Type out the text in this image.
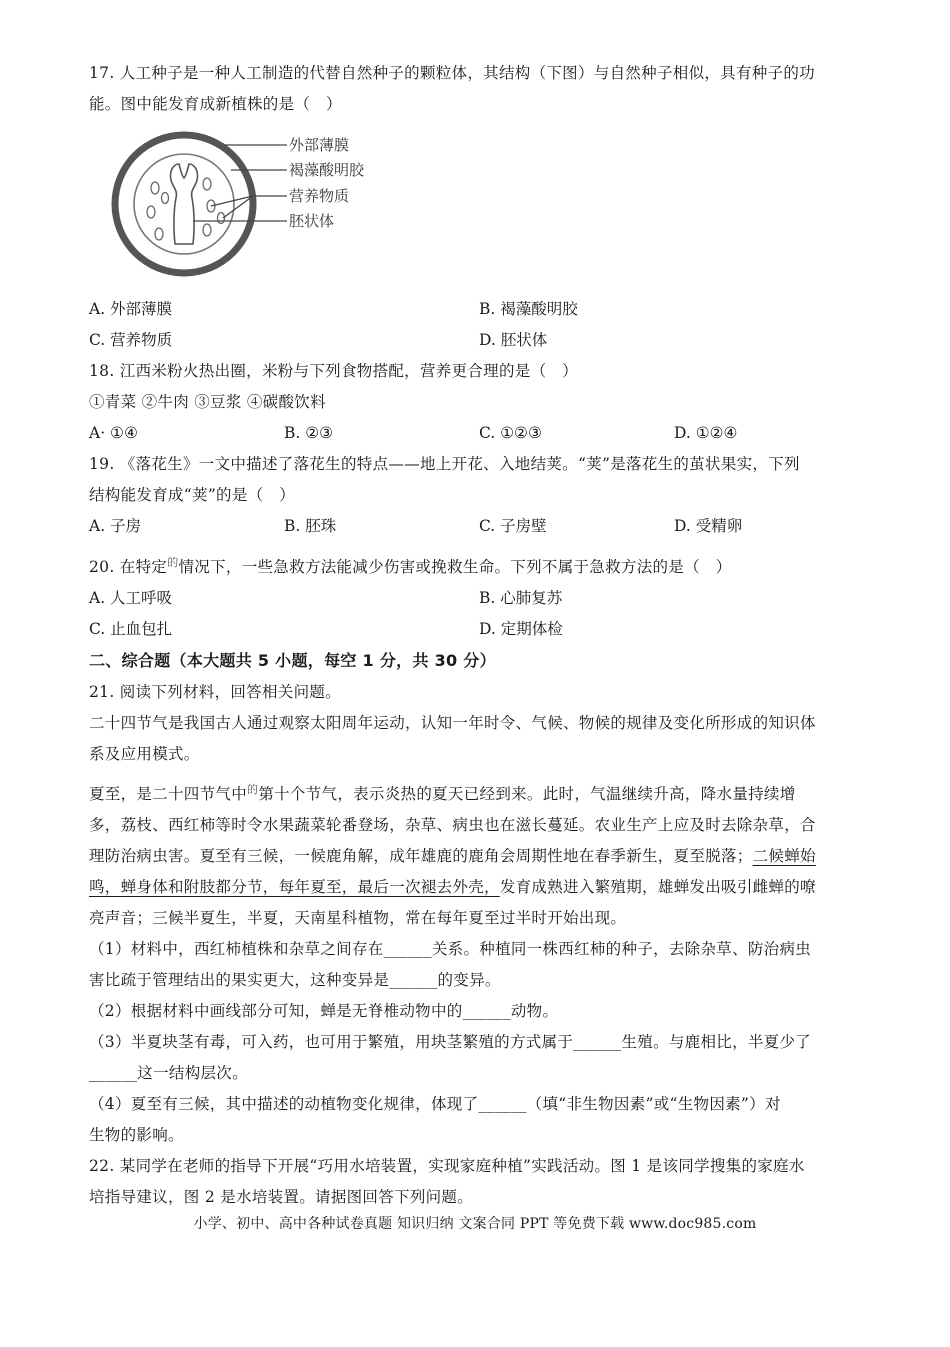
17. 人工种子是一种人工制造的代替自然种子的颗粒体，其结构（下图）与自然种子相似，具有种子的功

能。图中能发育成新植株的是（　）

外部薄膜
褐藻酸明胶
营养物质
胚状体
A. 外部薄膜	B. 褐藻酸明胶
C. 营养物质	D. 胚状体

18. 江西米粉火热出圈，米粉与下列食物搭配，营养更合理的是（　）

①青菜 ②牛肉 ③豆浆 ④碳酸饮料

A· ①④	B. ②③	C. ①②③	D. ①②④

19. 《落花生》一文中描述了落花生的特点——地上开花、入地结荚。“荚”是落花生的茧状果实，下列

结构能发育成“荚”的是（　）

A. 子房	B. 胚珠	C. 子房壁	D. 受精卵

20. 在特定$^的$情况下，一些急救方法能减少伤害或挽救生命。下列不属于急救方法的是（　）

A. 人工呼吸	B. 心肺复苏
C. 止血包扎	D. 定期体检

二、综合题（本大题共 5 小题，每空 1 分，共 30 分）

21. 阅读下列材料，回答相关问题。

二十四节气是我国古人通过观察太阳周年运动，认知一年时令、气候、物候的规律及变化所形成的知识体

系及应用模式。

夏至，是二十四节气中$^的$第十个节气，表示炎热的夏天已经到来。此时，气温继续升高，降水量持续增

多，荔枝、西红柿等时令水果蔬菜轮番登场，杂草、病虫也在滋长蔓延。农业生产上应及时去除杂草，合

理防治病虫害。夏至有三候，一候鹿角解，成年雄鹿的鹿角会周期性地在春季新生，夏至脱落；二候蝉始

鸣，蝉身体和附肢都分节，每年夏至，最后一次褪去外壳，发育成熟进入繁殖期，雄蝉发出吸引雌蝉的嘹

亮声音；三候半夏生，半夏，天南星科植物，常在每年夏至过半时开始出现。

（1）材料中，西红柿植株和杂草之间存在______关系。种植同一株西红柿的种子，去除杂草、防治病虫

害比疏于管理结出的果实更大，这种变异是______的变异。

（2）根据材料中画线部分可知，蝉是无脊椎动物中的______动物。

（3）半夏块茎有毒，可入药，也可用于繁殖，用块茎繁殖的方式属于______生殖。与鹿相比，半夏少了

______这一结构层次。

（4）夏至有三候，其中描述的动植物变化规律，体现了______（填“非生物因素”或“生物因素”）对

生物的影响。

22. 某同学在老师的指导下开展“巧用水培装置，实现家庭种植”实践活动。图 1 是该同学搜集的家庭水

培指导建议，图 2 是水培装置。请据图回答下列问题。

小学、初中、高中各种试卷真题 知识归纳 文案合同 PPT 等免费下载 www.doc985.com
